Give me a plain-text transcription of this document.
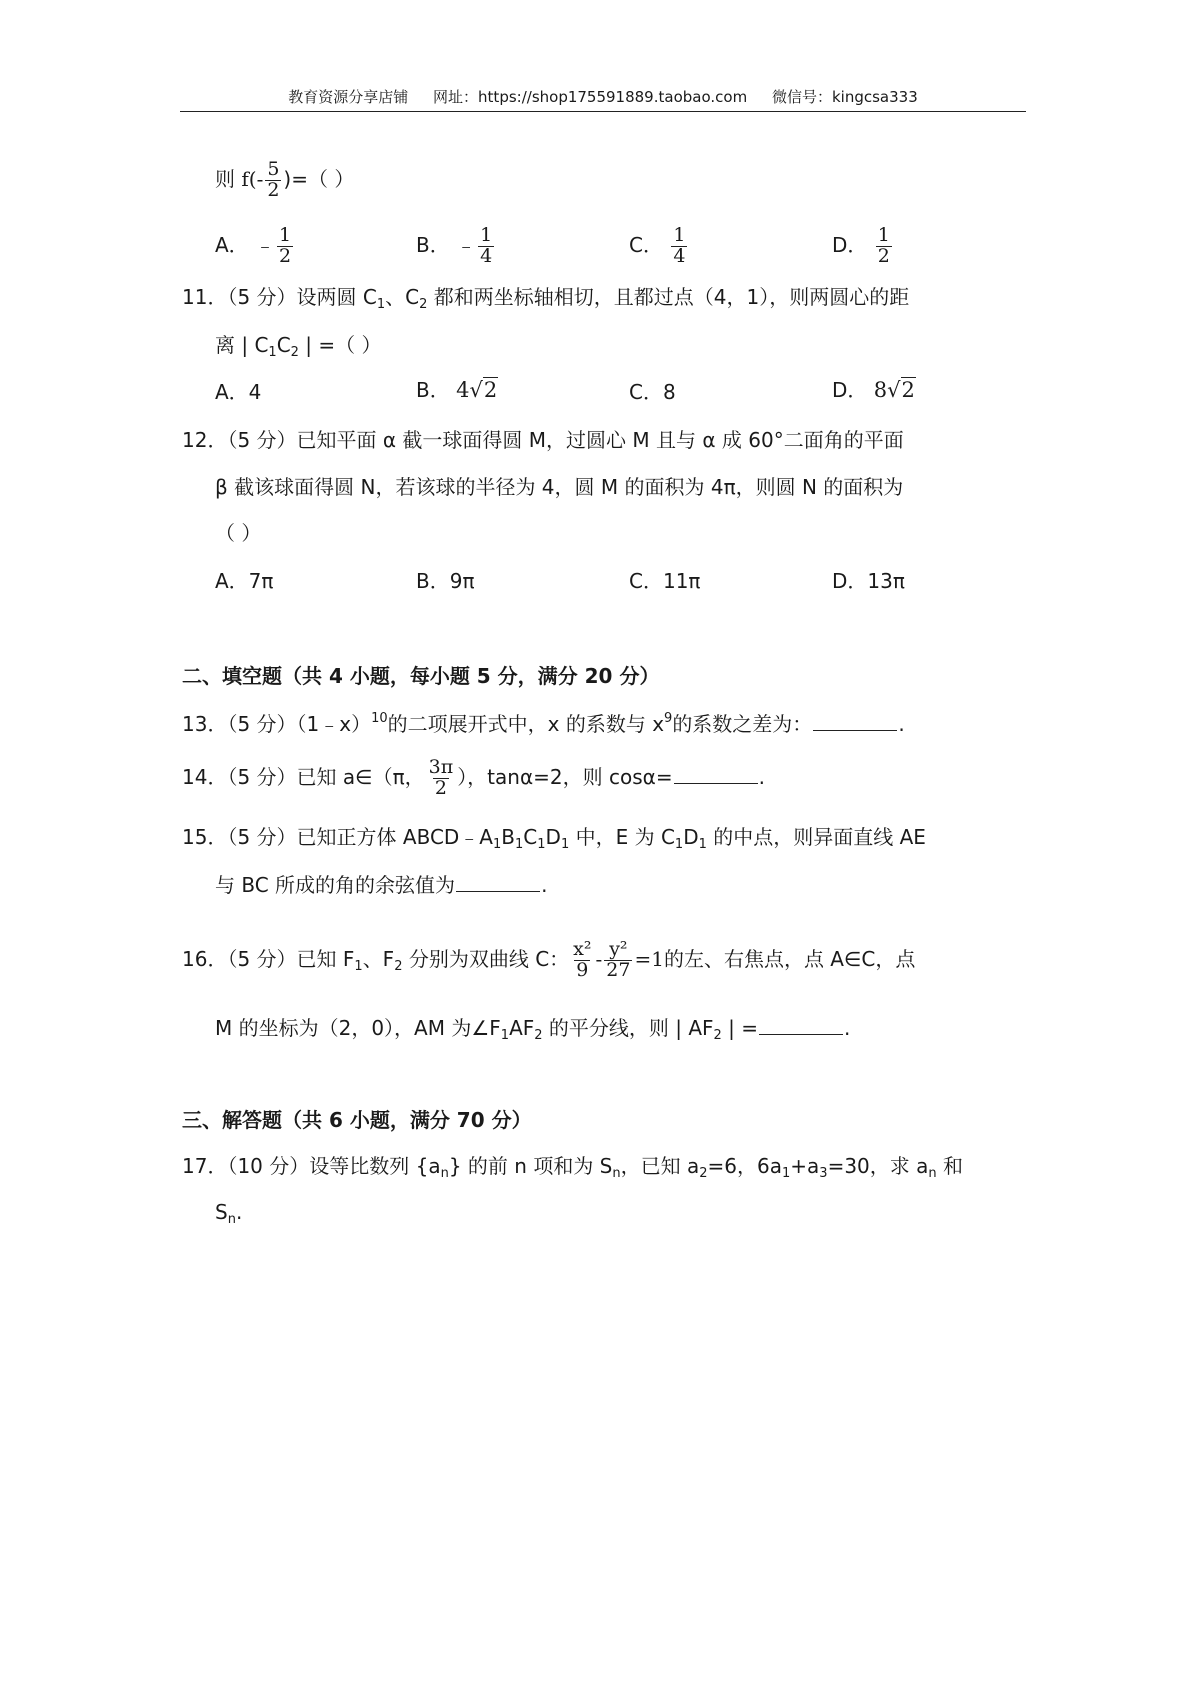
教育资源分享店铺 网址：https://shop175591889.taobao.com 微信号：kingcsa333
则 $f(- \frac{5}{2}$ )=（ ）
A． ﹣ $\frac{1}{2}$	B． ﹣ $\frac{1}{4}$	C． $\frac{1}{4}$	D． $\frac{1}{2}$
11．（5 分）设两圆 $C_1$、$C_2$ 都和两坐标轴相切，且都过点（4，1），则两圆心的距
离 | $C_1C_2$ | =（ ）
A．4	B． 4√2	C．8	D． 8√2
12．（5 分）已知平面 α 截一球面得圆 M，过圆心 M 且与 α 成 60°二面角的平面
β 截该球面得圆 N，若该球的半径为 4，圆 M 的面积为 4π，则圆 N 的面积为
（ ）
A．7π	B．9π	C．11π	D．13π
二、填空题（共 4 小题，每小题 5 分，满分 20 分）
13．（5 分）（1﹣x）$^{10}$的二项展开式中，x 的系数与 $x^9$的系数之差为：	.
14．（5 分）已知 a∈（π， $\frac{3\pi}{2}$ ），tanα=2，则 cosα=	.
15．（5 分）已知正方体 $ABCD﹣A_1B_1C_1D_1$ 中，E 为 $C_1D_1$ 的中点，则异面直线 AE
与 BC 所成的角的余弦值为	.
16．（5 分）已知 $F_1$、$F_2$ 分别为双曲线 C： $\frac{\text{x²}}{9} - \frac{\text{y²}}{27} =1$的左、右焦点，点 A∈C，点
M 的坐标为（2，0），AM 为$\angle F_1AF_2$ 的平分线，则 | $AF_2$ | =	.
三、解答题（共 6 小题，满分 70 分）
17．（10 分）设等比数列 $\{a_n\}$ 的前 n 项和为 $S_n$，已知 $a_2=6$，$6a_1+a_3=30$，求 $a_n$ 和
$S_n$.
